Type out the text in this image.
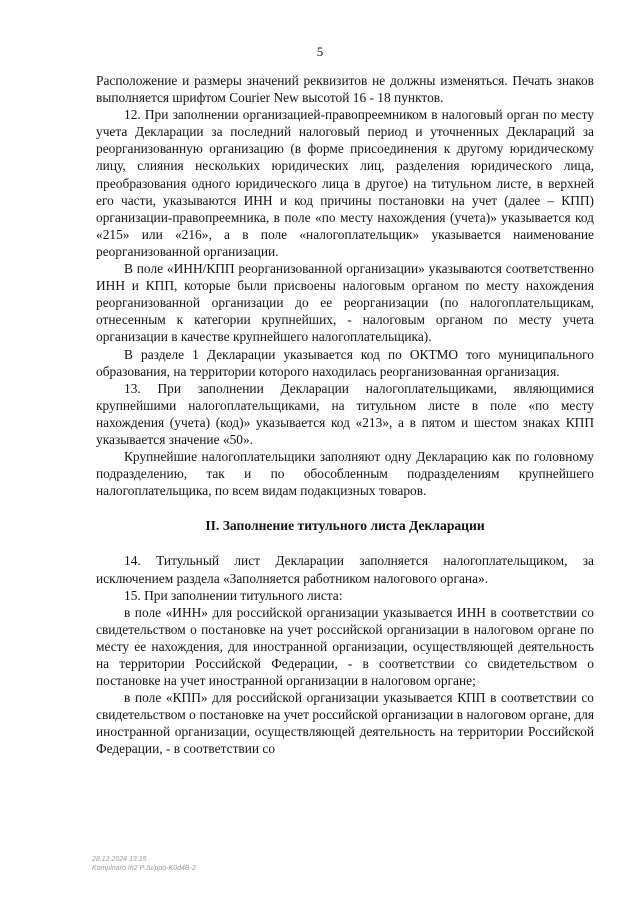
5

Расположение и размеры значений реквизитов не должны изменяться. Печать знаков выполняется шрифтом Courier New высотой 16 - 18 пунктов.

12. При заполнении организацией-правопреемником в налоговый орган по месту учета Декларации за последний налоговый период и уточненных Деклараций за реорганизованную организацию (в форме присоединения к другому юридическому лицу, слияния нескольких юридических лиц, разделения юридического лица, преобразования одного юридического лица в другое) на титульном листе, в верхней его части, указываются ИНН и код причины постановки на учет (далее – КПП) организации-правопреемника, в поле «по месту нахождения (учета)» указывается код «215» или «216», а в поле «налогоплательщик» указывается наименование реорганизованной организации.

В поле «ИНН/КПП реорганизованной организации» указываются соответственно ИНН и КПП, которые были присвоены налоговым органом по месту нахождения реорганизованной организации до ее реорганизации (по налогоплательщикам, отнесенным к категории крупнейших, - налоговым органом по месту учета организации в качестве крупнейшего налогоплательщика).

В разделе 1 Декларации указывается код по ОКТМО того муниципального образования, на территории которого находилась реорганизованная организация.

13. При заполнении Декларации налогоплательщиками, являющимися крупнейшими налогоплательщиками, на титульном листе в поле «по месту нахождения (учета) (код)» указывается код «213», а в пятом и шестом знаках КПП указывается значение «50».

Крупнейшие налогоплательщики заполняют одну Декларацию как по головному подразделению, так и по обособленным подразделениям крупнейшего налогоплательщика, по всем видам подакцизных товаров.

II. Заполнение титульного листа Декларации

14. Титульный лист Декларации заполняется налогоплательщиком, за исключением раздела «Заполняется работником налогового органа».

15. При заполнении титульного листа:

в поле «ИНН» для российской организации указывается ИНН в соответствии со свидетельством о постановке на учет российской организации в налоговом органе по месту ее нахождения, для иностранной организации, осуществляющей деятельность на территории Российской Федерации, - в соответствии со свидетельством о постановке на учет иностранной организации в налоговом органе;

в поле «КПП» для российской организации указывается КПП в соответствии со свидетельством о постановке на учет российской организации в налоговом органе, для иностранной организации, осуществляющей деятельность на территории Российской Федерации, - в соответствии со

28.12.2024 13:15
Komplnaro Ih2 P.Ju/ppo-K0d4B-2
